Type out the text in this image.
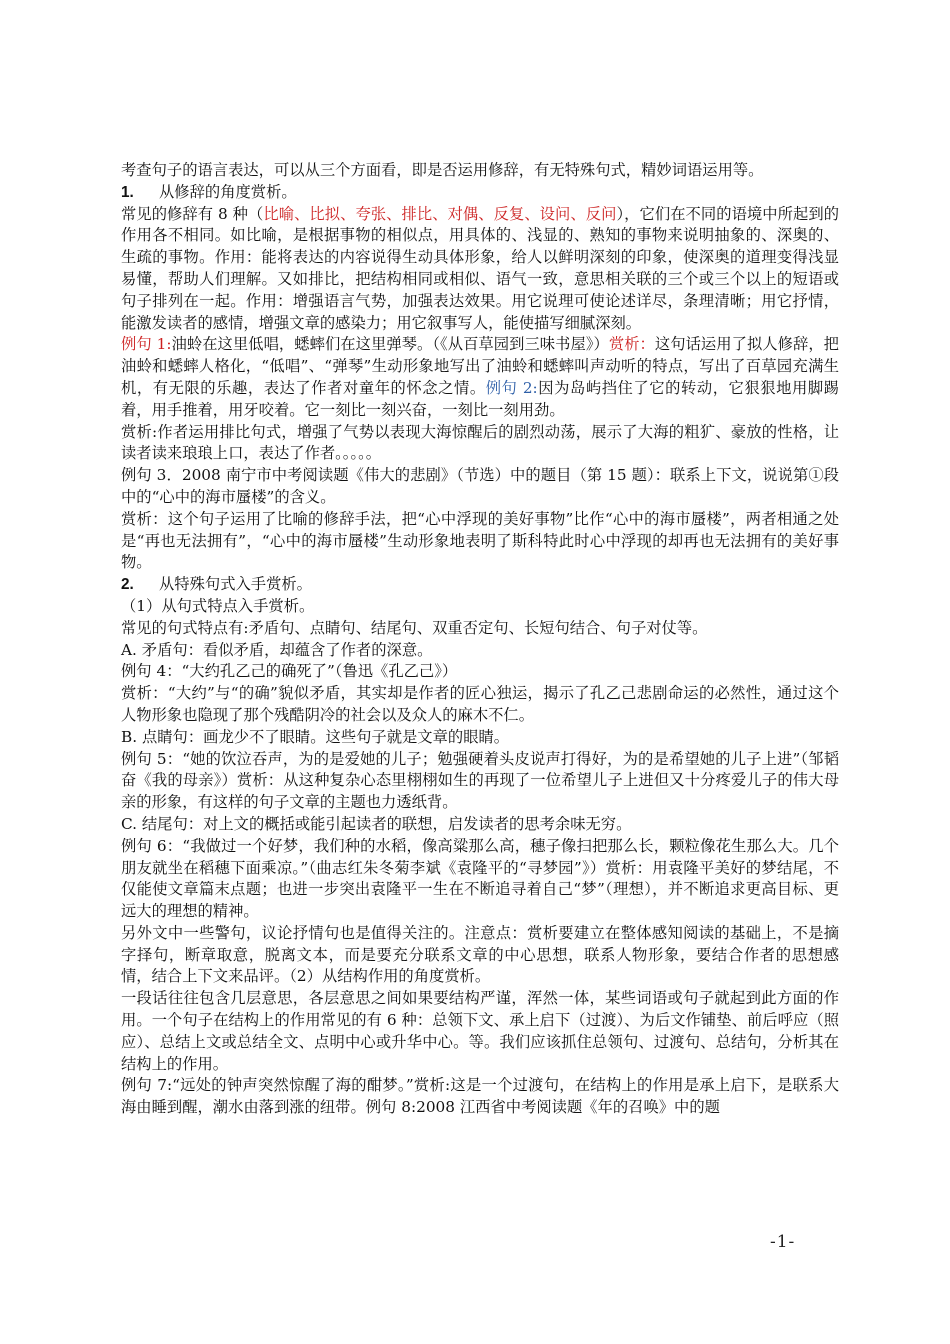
考查句子的语言表达，可以从三个方面看，即是否运用修辞，有无特殊句式，精妙词语运用等。

1. 从修辞的角度赏析。

常见的修辞有 8 种（比喻、比拟、夸张、排比、对偶、反复、设问、反问），它们在不同的语境中所起到的作用各不相同。如比喻，是根据事物的相似点，用具体的、浅显的、熟知的事物来说明抽象的、深奥的、生疏的事物。作用：能将表达的内容说得生动具体形象，给人以鲜明深刻的印象，使深奥的道理变得浅显易懂，帮助人们理解。又如排比，把结构相同或相似、语气一致，意思相关联的三个或三个以上的短语或句子排列在一起。作用：增强语言气势，加强表达效果。用它说理可使论述详尽，条理清晰；用它抒情，能激发读者的感情，增强文章的感染力；用它叙事写人，能使描写细腻深刻。

例句 1:油蛉在这里低唱，蟋蟀们在这里弹琴。（《从百草园到三味书屋》）赏析：这句话运用了拟人修辞，把油蛉和蟋蟀人格化，“低唱”、“弹琴”生动形象地写出了油蛉和蟋蟀叫声动听的特点，写出了百草园充满生机，有无限的乐趣，表达了作者对童年的怀念之情。例句 2:因为岛屿挡住了它的转动，它狠狠地用脚踢着，用手推着，用牙咬着。它一刻比一刻兴奋，一刻比一刻用劲。

赏析:作者运用排比句式，增强了气势以表现大海惊醒后的剧烈动荡，展示了大海的粗犷、豪放的性格，让读者读来琅琅上口，表达了作者。。。。。

例句 3．2008 南宁市中考阅读题《伟大的悲剧》（节选）中的题目（第 15 题）：联系上下文，说说第①段中的“心中的海市蜃楼”的含义。

赏析：这个句子运用了比喻的修辞手法，把“心中浮现的美好事物”比作“心中的海市蜃楼”，两者相通之处是“再也无法拥有”，“心中的海市蜃楼”生动形象地表明了斯科特此时心中浮现的却再也无法拥有的美好事物。

2. 从特殊句式入手赏析。

（1）从句式特点入手赏析。

常见的句式特点有:矛盾句、点睛句、结尾句、双重否定句、长短句结合、句子对仗等。

A. 矛盾句：看似矛盾，却蕴含了作者的深意。

例句 4：“大约孔乙己的确死了”（鲁迅《孔乙己》）

赏析：“大约”与“的确”貌似矛盾，其实却是作者的匠心独运，揭示了孔乙己悲剧命运的必然性，通过这个人物形象也隐现了那个残酷阴冷的社会以及众人的麻木不仁。

B. 点睛句：画龙少不了眼睛。这些句子就是文章的眼睛。

例句 5：“她的饮泣吞声，为的是爱她的儿子；勉强硬着头皮说声打得好，为的是希望她的儿子上进”（邹韬奋《我的母亲》）赏析：从这种复杂心态里栩栩如生的再现了一位希望儿子上进但又十分疼爱儿子的伟大母亲的形象，有这样的句子文章的主题也力透纸背。

C. 结尾句：对上文的概括或能引起读者的联想，启发读者的思考余味无穷。

例句 6：“我做过一个好梦，我们种的水稻，像高粱那么高，穗子像扫把那么长，颗粒像花生那么大。几个朋友就坐在稻穗下面乘凉。”（曲志红朱冬菊李斌《袁隆平的“寻梦园”》）赏析：用袁隆平美好的梦结尾，不仅能使文章篇末点题；也进一步突出袁隆平一生在不断追寻着自己“梦”（理想），并不断追求更高目标、更远大的理想的精神。

另外文中一些警句，议论抒情句也是值得关注的。注意点：赏析要建立在整体感知阅读的基础上，不是摘字择句，断章取意，脱离文本，而是要充分联系文章的中心思想，联系人物形象，要结合作者的思想感情，结合上下文来品评。（2）从结构作用的角度赏析。

一段话往往包含几层意思，各层意思之间如果要结构严谨，浑然一体，某些词语或句子就起到此方面的作用。一个句子在结构上的作用常见的有 6 种：总领下文、承上启下（过渡）、为后文作铺垫、前后呼应（照应）、总结上文或总结全文、点明中心或升华中心。等。我们应该抓住总领句、过渡句、总结句，分析其在结构上的作用。

例句 7:“远处的钟声突然惊醒了海的酣梦。”赏析:这是一个过渡句，在结构上的作用是承上启下，是联系大海由睡到醒，潮水由落到涨的纽带。例句 8:2008 江西省中考阅读题《年的召唤》中的题

-1-
